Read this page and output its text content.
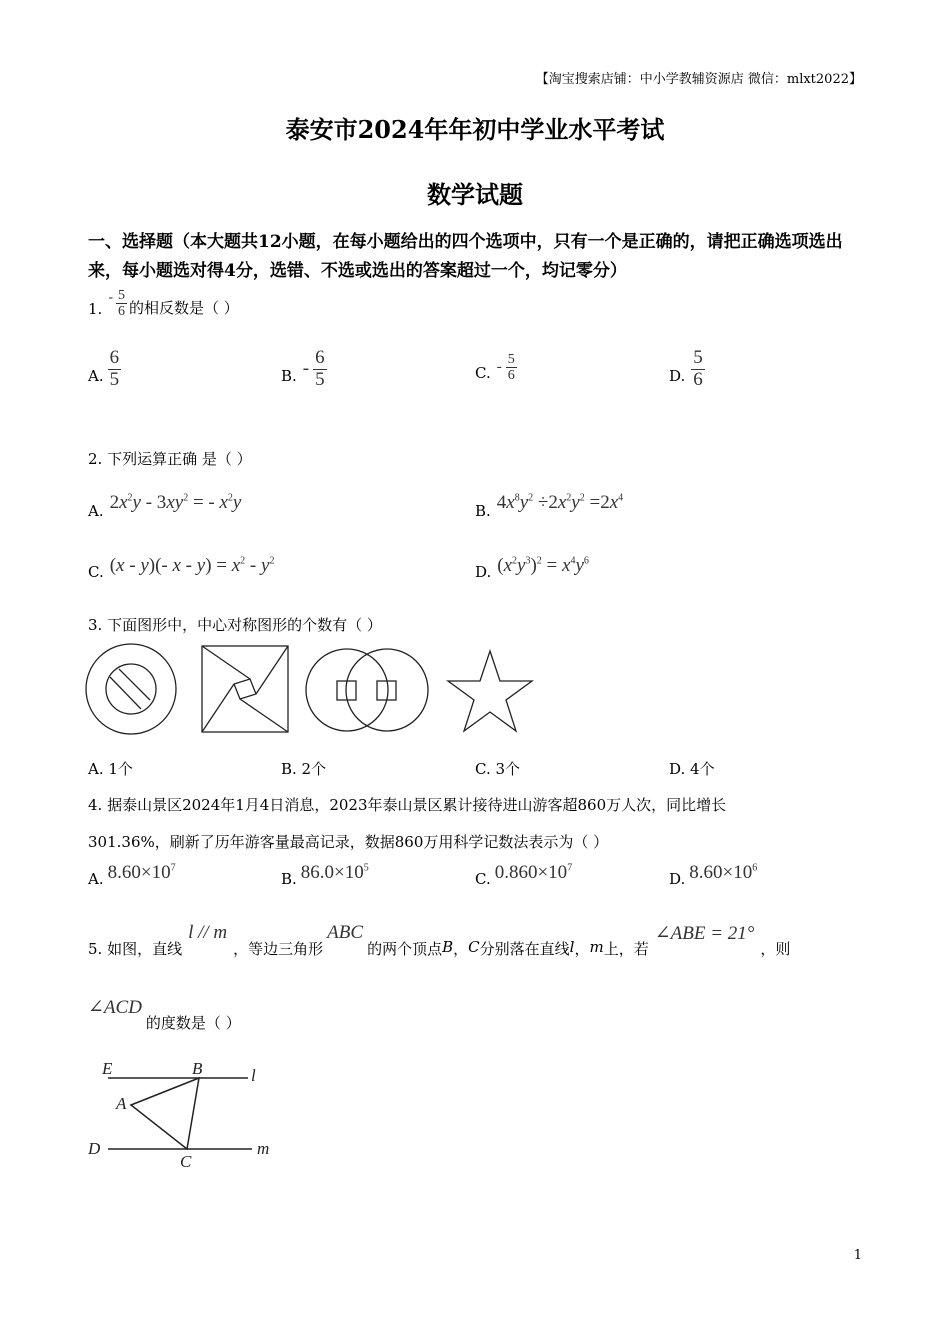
【淘宝搜索店铺：中小学教辅资源店 微信：mlxt2022】
泰安市2024年年初中学业水平考试
数学试题
一、选择题（本大题共12小题，在每小题给出的四个选项中，只有一个是正确的，请把正确选项选出来，每小题选对得4分，选错、不选或选出的答案超过一个，均记零分）
1.
- $\frac{5}{6}$ 的相反数是（ ）
A. $\frac{6}{5}$	B. - $\frac{6}{5}$	C. - $\frac{5}{6}$	D. $\frac{5}{6}$
2. 下列运算正确 是（ ）
A. $2x^2y - 3xy^2$ = - $x^2y$	B. $4x^8y^2 \div 2x^2y^2 =2x^4$
C. (x - y)(- $x - y) = x^2 - y^2$
D. $(x^2y^3)^2 = x^4y^6$
3. 下面图形中，中心对称图形的个数有（ ）
A. 1个	B. 2个	C. 3个	D. 4个
4. 据泰山景区2024年1月4日消息，2023年泰山景区累计接待进山游客超860万人次，同比增长
301.36%，刷新了历年游客量最高记录，数据860万用科学记数法表示为（ ）
A. $8.60\times 10^7$
B. $86.0\times 10^5$
C. $0.860\times 10^7$
D. $8.60\times 10^6$
5. 如图，直线
l // m
，等边三角形
ABC
的两个顶点 B ， C 分别落在直线 l ， m 上，若
∠ABE = 21°
，则
∠ACD
的度数是（ ）
E	B	l
A
D
C
m
1
